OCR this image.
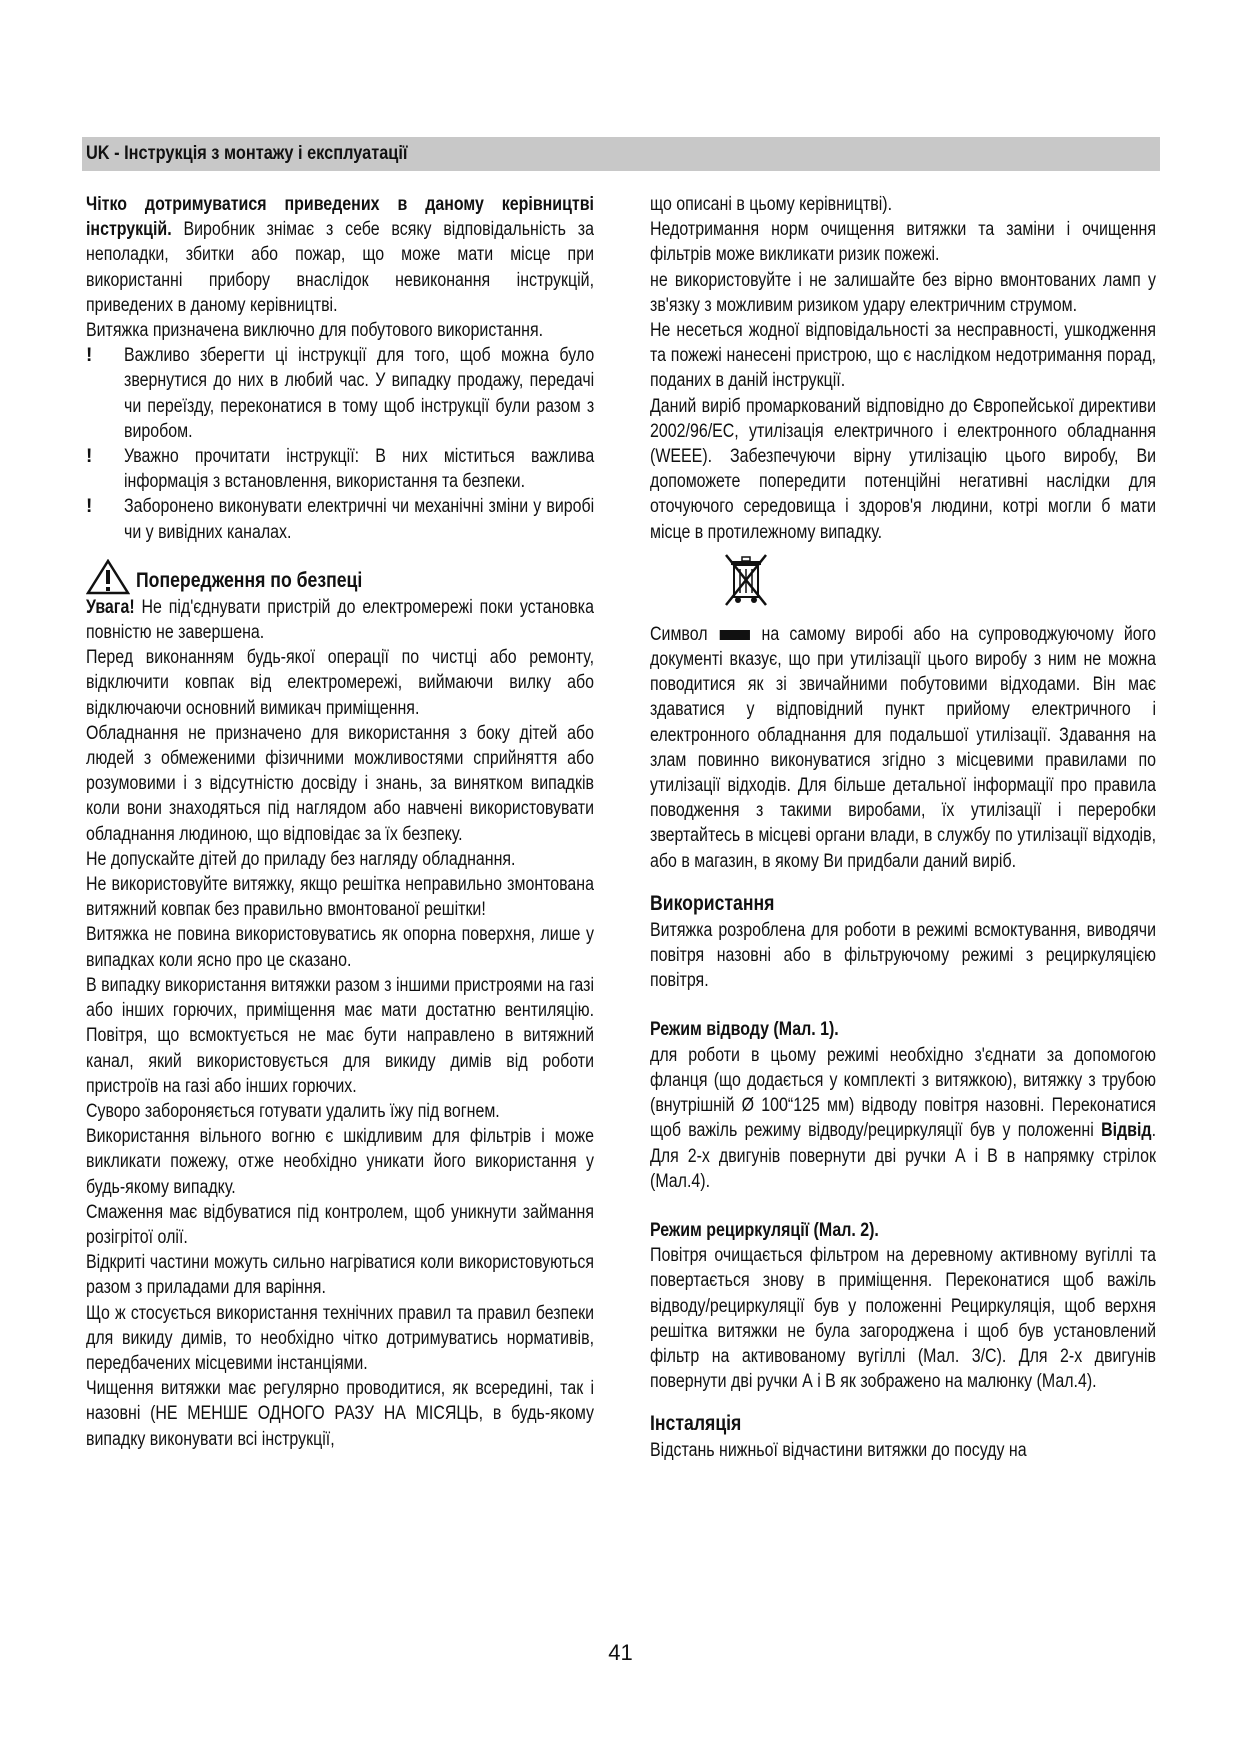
UK - Інструкція з монтажу і експлуатації

Чітко дотримуватися приведених в даному керівництві інструкцій. Виробник знімає з себе всяку відповідальність за неполадки, збитки або пожар, що може мати місце при використанні прибору внаслідок невиконання інструкцій, приведених в даному керівництві.

Витяжка призначена виключно для побутового використання.

! Важливо зберегти ці інструкції для того, щоб можна було звернутися до них в любий час. У випадку продажу, передачі чи переїзду, переконатися в тому щоб інструкції були разом з виробом.

! Уважно прочитати інструкції: В них міститься важлива інформація з встановлення, використання та безпеки.

! Заборонено виконувати електричні чи механічні зміни у виробі чи у вивідних каналах.

Попередження по безпеці

Увага! Не під'єднувати пристрій до електромережі поки установка повністю не завершена.

Перед виконанням будь-якої операції по чистці або ремонту, відключити ковпак від електромережі, виймаючи вилку або відключаючи основний вимикач приміщення.

Обладнання не призначено для використання з боку дітей або людей з обмеженими фізичними можливостями сприйняття або розумовими і з відсутністю досвіду і знань, за винятком випадків коли вони знаходяться під наглядом або навчені використовувати обладнання людиною, що відповідає за їх безпеку.

Не допускайте дітей до приладу без нагляду обладнання.

Не використовуйте витяжку, якщо решітка неправильно змонтована витяжний ковпак без правильно вмонтованої решітки!

Витяжка не повина використовуватись як опорна поверхня, лише у випадках коли ясно про це сказано.

В випадку використання витяжки разом з іншими пристроями на газі або інших горючих, приміщення має мати достатню вентиляцію. Повітря, що всмоктується не має бути направлено в витяжний канал, який використовується для викиду димів від роботи пристроїв на газі або інших горючих.

Суворо забороняється готувати удалить їжу під вогнем.

Використання вільного вогню є шкідливим для фільтрів і може викликати пожежу, отже необхідно уникати його використання у будь-якому випадку.

Смаження має відбуватися під контролем, щоб уникнути займання розігрітої олії.

Відкриті частини можуть сильно нагріватися коли використовуються разом з приладами для варіння.

Що ж стосується використання технічних правил та правил безпеки для викиду димів, то необхідно чітко дотримуватись нормативів, передбачених місцевими інстанціями.

Чищення витяжки має регулярно проводитися, як всередині, так і назовні (НЕ МЕНШЕ ОДНОГО РАЗУ НА МІСЯЦЬ, в будь-якому випадку виконувати всі інструкції,

що описані в цьому керівництві).

Недотримання норм очищення витяжки та заміни і очищення фільтрів може викликати ризик пожежі.

не використовуйте і не залишайте без вірно вмонтованих ламп у зв'язку з можливим ризиком удару електричним струмом.

Не несеться жодної відповідальності за несправності, ушкодження та пожежі нанесені пристрою, що є наслідком недотримання порад, поданих в даній інструкції.

Даний виріб промаркований відповідно до Європейської директиви 2002/96/ЕС, утилізація електричного і електронного обладнання (WEEE). Забезпечуючи вірну утилізацію цього виробу, Ви допоможете попередити потенційні негативні наслідки для оточуючого середовища і здоров'я людини, котрі могли б мати місце в протилежному випадку.

Символ  на самому виробі або на супроводжуючому його документі вказує, що при утилізації цього виробу з ним не можна поводитися як зі звичайними побутовими відходами. Він має здаватися у відповідний пункт прийому електричного і електронного обладнання для подальшої утилізації. Здавання на злам повинно виконуватися згідно з місцевими правилами по утилізації відходів. Для більше детальної інформації про правила поводження з такими виробами, їх утилізації і переробки звертайтесь в місцеві органи влади, в службу по утилізації відходів, або в магазин, в якому Ви придбали даний виріб.

Використання

Витяжка розроблена для роботи в режимі всмоктування, виводячи повітря назовні або в фільтруючому режимі з рециркуляцією повітря.

Режим відводу (Мал. 1).

для роботи в цьому режимі необхідно з'єднати за допомогою фланця (що додається у комплекті з витяжкою), витяжку з трубою (внутрішній Ø 100“125 мм) відводу повітря назовні. Переконатися щоб важіль режиму відводу/рециркуляції був у положенні Відвід. Для 2-х двигунів повернути дві ручки А і В в напрямку стрілок (Мал.4).

Режим рециркуляції (Мал. 2).

Повітря очищається фільтром на деревному активному вугіллі та повертається знову в приміщення. Переконатися щоб важіль відводу/рециркуляції був у положенні Рециркуляція, щоб верхня решітка витяжки не була загороджена і щоб був установлений фільтр на активованому вугіллі (Мал. 3/С). Для 2-х двигунів повернути дві ручки А і В як зображено на малюнку (Мал.4).

Інсталяція

Відстань нижньої відчастини витяжки до посуду на

41
